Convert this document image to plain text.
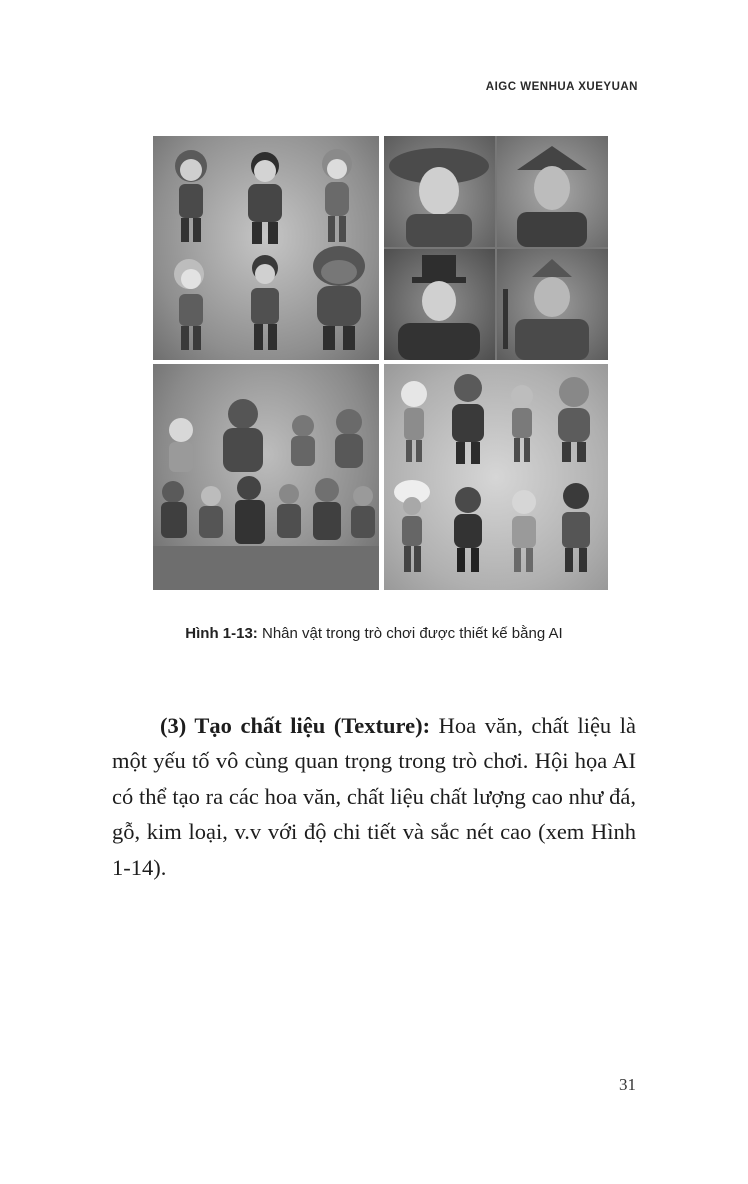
AIGC WENHUA XUEYUAN
Hình 1-13: Nhân vật trong trò chơi được thiết kế bằng AI

(3) Tạo chất liệu (Texture): Hoa văn, chất liệu là một yếu tố vô cùng quan trọng trong trò chơi. Hội họa AI có thể tạo ra các hoa văn, chất liệu chất lượng cao như đá, gỗ, kim loại, v.v với độ chi tiết và sắc nét cao (xem Hình 1-14).

31
